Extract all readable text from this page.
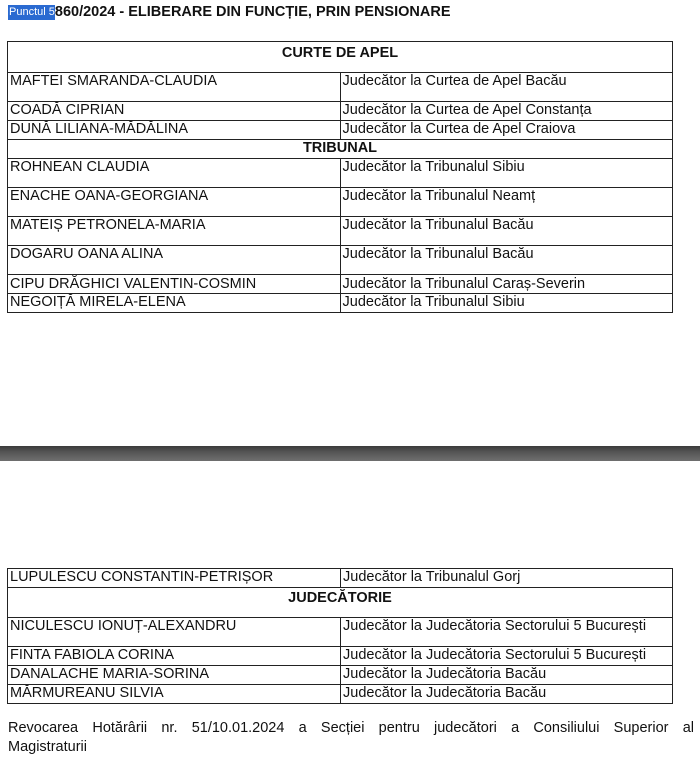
Punctul 5860/2024 - ELIBERARE DIN FUNCȚIE, PRIN PENSIONARE
CURTE DE APEL	
MAFTEI SMARANDA-CLAUDIA	Judecător la Curtea de Apel Bacău
COADĂ CIPRIAN	Judecător la Curtea de Apel Constanța
DUNĂ LILIANA-MĂDĂLINA	Judecător la Curtea de Apel Craiova
TRIBUNAL	
ROHNEAN CLAUDIA	Judecător la Tribunalul Sibiu
ENACHE OANA-GEORGIANA	Judecător la Tribunalul Neamț
MATEIȘ PETRONELA-MARIA	Judecător la Tribunalul Bacău
DOGARU OANA ALINA	Judecător la Tribunalul Bacău
CIPU DRĂGHICI VALENTIN-COSMIN	Judecător la Tribunalul Caraș-Severin
NEGOIȚĂ MIRELA-ELENA	Judecător la Tribunalul Sibiu
LUPULESCU CONSTANTIN-PETRIȘOR	Judecător la Tribunalul Gorj
JUDECĂTORIE	
NICULESCU IONUȚ-ALEXANDRU	Judecător la Judecătoria Sectorului 5 București
FINTA FABIOLA CORINA	Judecător la Judecătoria Sectorului 5 București
DANALACHE MARIA-SORINA	Judecător la Judecătoria Bacău
MĂRMUREANU SILVIA	Judecător la Judecătoria Bacău
Revocarea Hotărârii nr. 51/10.01.2024 a Secției pentru judecători a Consiliului Superior al
Magistraturii
